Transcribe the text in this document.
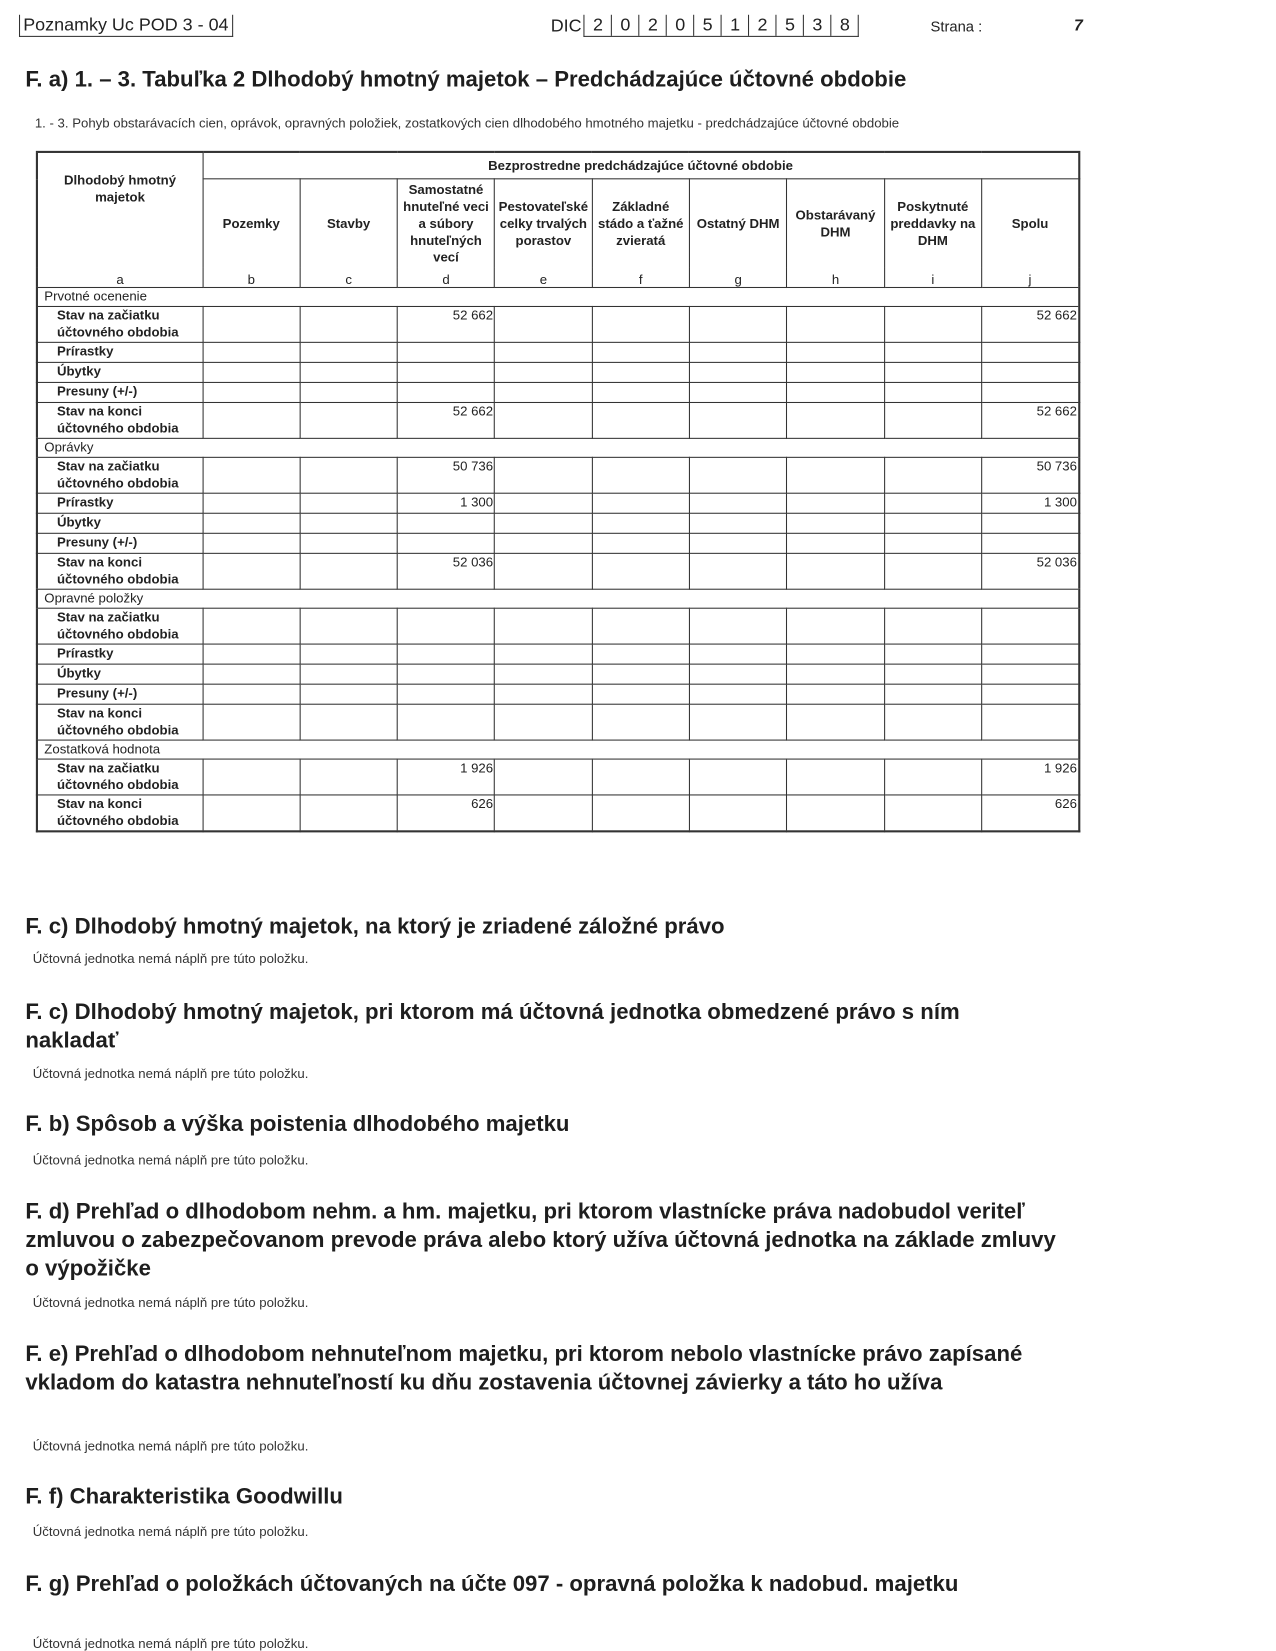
Poznamky Uc POD 3 - 04	DIC 2	0	2	0	5	1	2	5	3	8	Strana :	7
F. a) 1. – 3. Tabuľka 2 Dlhodobý hmotný majetok – Predchádzajúce účtovné obdobie
1. - 3. Pohyb obstarávacích cien, oprávok, opravných položiek, zostatkových cien dlhodobého hmotného majetku - predchádzajúce účtovné obdobie
Dlhodobý hmotný majetok	Bezprostredne predchádzajúce účtovné obdobie								
	Pozemky	Stavby	Samostatné hnuteľné veci a súbory hnuteľných vecí	Pestovateľské celky trvalých porastov	Základné stádo a ťažné zvieratá	Ostatný DHM	Obstarávaný DHM	Poskytnuté preddavky na DHM	Spolu
a	b	c	d	e	f	g	h	i	j
Prvotné ocenenie									
Stav na začiatku účtovného obdobia			52 662						52 662
Prírastky									
Úbytky									
Presuny (+/-)									
Stav na konci účtovného obdobia			52 662						52 662
Oprávky									
Stav na začiatku účtovného obdobia			50 736						50 736
Prírastky			1 300						1 300
Úbytky									
Presuny (+/-)									
Stav na konci účtovného obdobia			52 036						52 036
Opravné položky									
Stav na začiatku účtovného obdobia									
Prírastky									
Úbytky									
Presuny (+/-)									
Stav na konci účtovného obdobia									
Zostatková hodnota									
Stav na začiatku účtovného obdobia			1 926						1 926
Stav na konci účtovného obdobia			626						626
F. c) Dlhodobý hmotný majetok, na ktorý je zriadené záložné právo
Účtovná jednotka nemá náplň pre túto položku.
F. c) Dlhodobý hmotný majetok, pri ktorom má účtovná jednotka obmedzené právo s ním nakladať
Účtovná jednotka nemá náplň pre túto položku.
F. b) Spôsob a výška poistenia dlhodobého majetku
Účtovná jednotka nemá náplň pre túto položku.
F. d) Prehľad o dlhodobom nehm. a hm. majetku, pri ktorom vlastnícke práva nadobudol veriteľ zmluvou o zabezpečovanom prevode práva alebo ktorý užíva účtovná jednotka na základe zmluvy o výpožičke
Účtovná jednotka nemá náplň pre túto položku.
F. e) Prehľad o dlhodobom nehnuteľnom majetku, pri ktorom nebolo vlastnícke právo zapísané vkladom do katastra nehnuteľností ku dňu zostavenia účtovnej závierky a táto ho užíva
Účtovná jednotka nemá náplň pre túto položku.
F. f) Charakteristika Goodwillu
Účtovná jednotka nemá náplň pre túto položku.
F. g) Prehľad o položkách účtovaných na účte 097 - opravná položka k nadobud. majetku
Účtovná jednotka nemá náplň pre túto položku.
